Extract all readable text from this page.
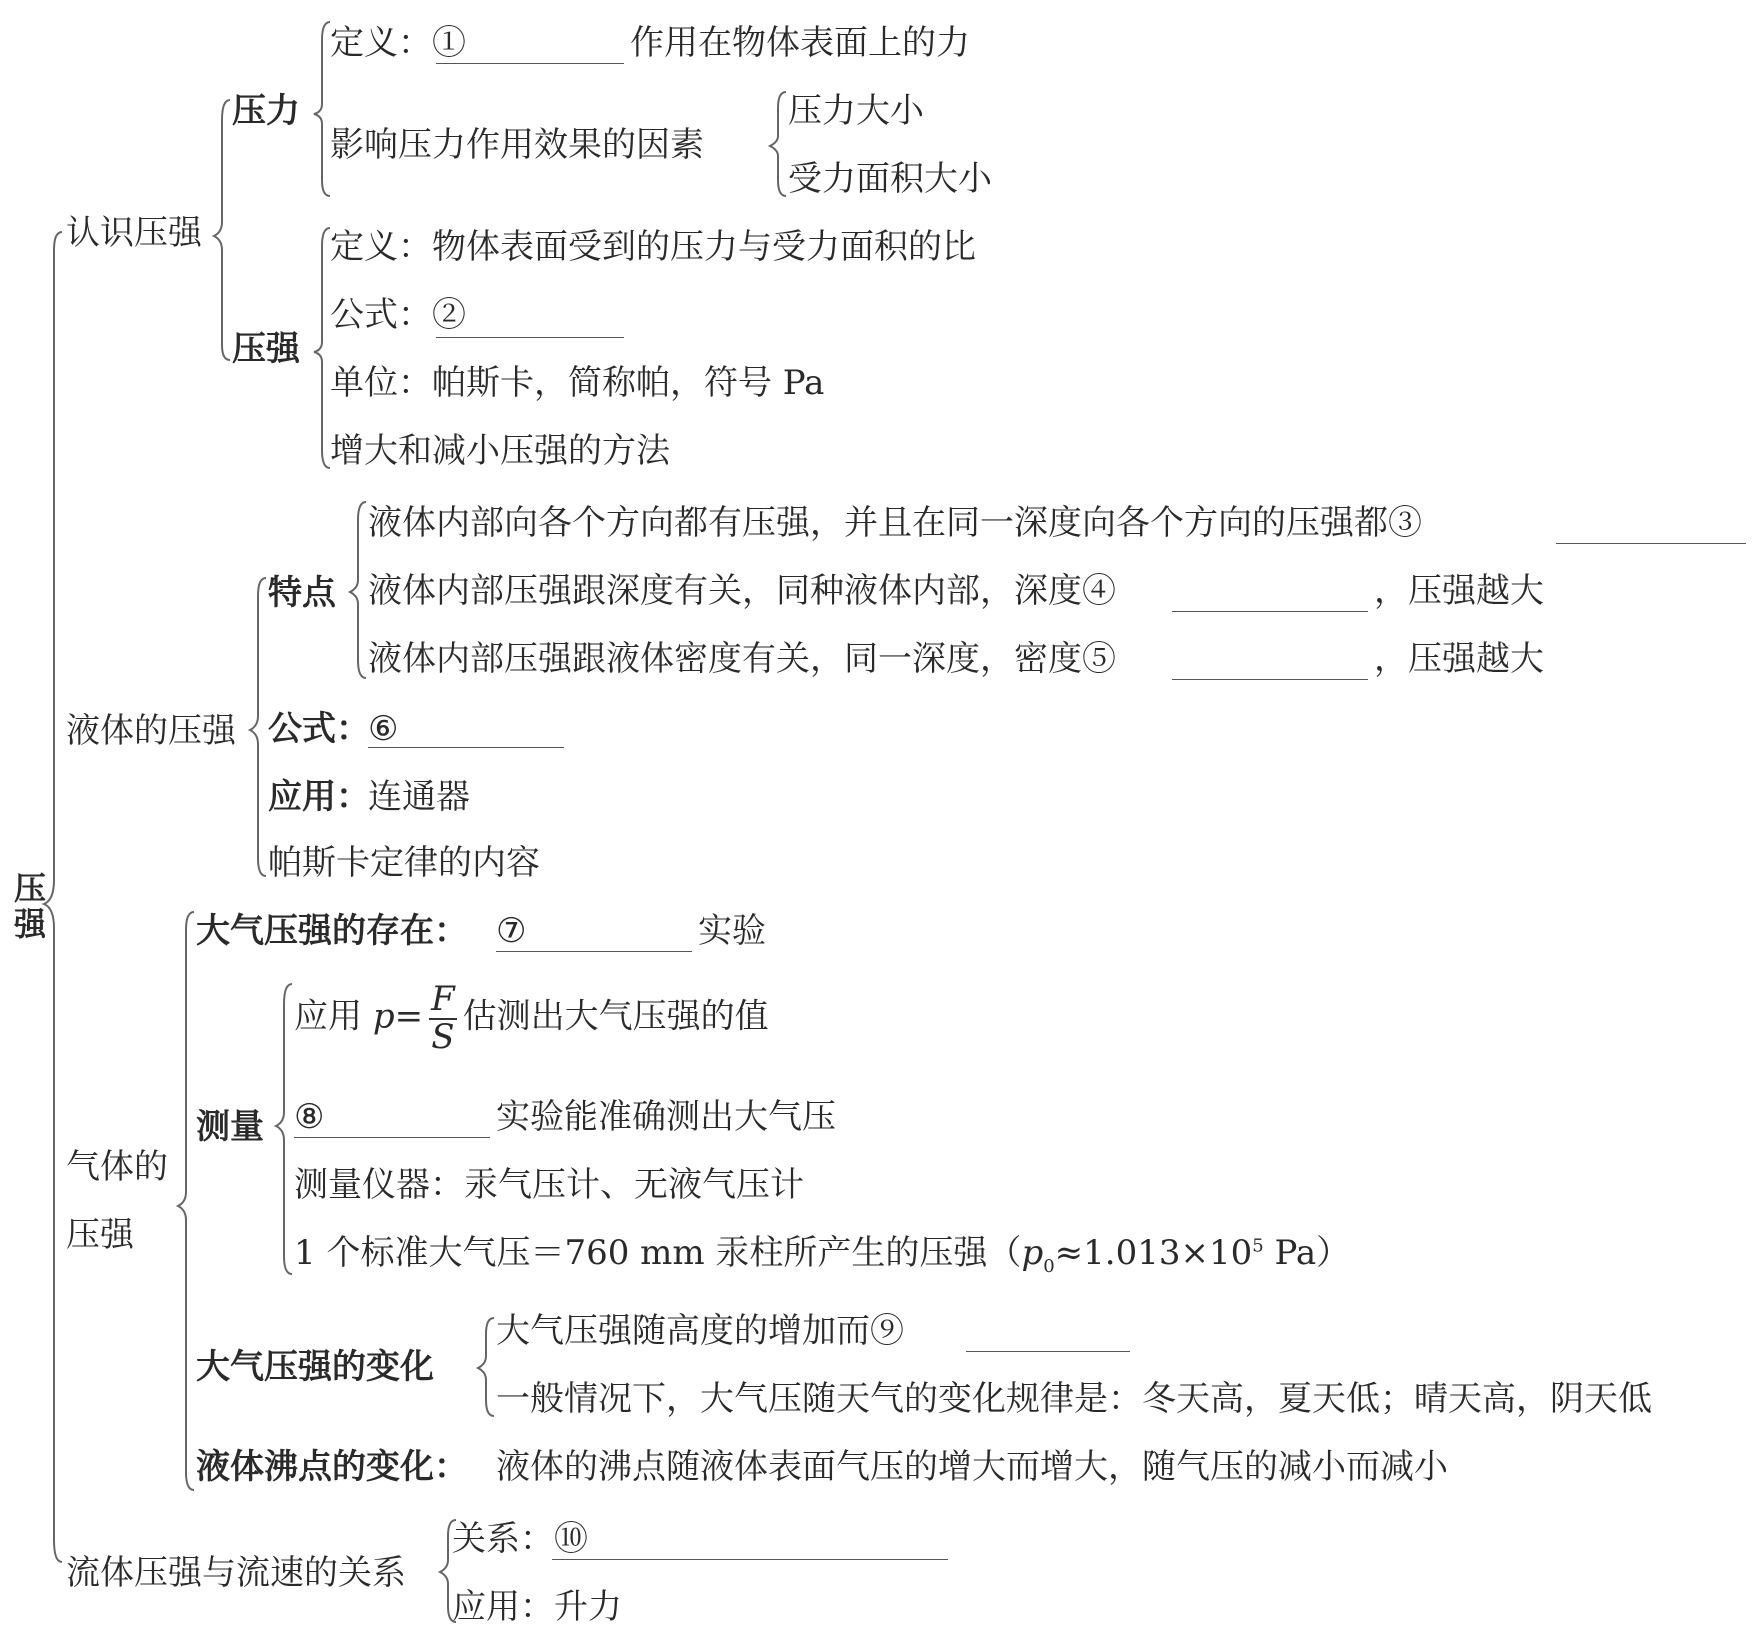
压强
认识压强
压力
定义：①	作用在物体表面上的力
影响压力作用效果的因素
压力大小
受力面积大小
压强
定义：物体表面受到的压力与受力面积的比
公式：②
单位：帕斯卡，简称帕，符号 Pa
增大和减小压强的方法
液体的压强
特点
液体内部向各个方向都有压强，并且在同一深度向各个方向的压强都③
液体内部压强跟深度有关，同种液体内部，深度④	，压强越大
液体内部压强跟液体密度有关，同一深度，密度⑤	，压强越大
公式：
⑥
应用：
连通器
帕斯卡定律的内容
气体的
压强
大气压强的存在： ⑦	实验
测量
应用 $p= \frac{F}{S}$ 估测出大气压强的值
⑧	实验能准确测出大气压
测量仪器：汞气压计、无液气压计
1 个标准大气压＝760 mm 汞柱所产生的压强（$p_0\approx 1.013\times 10^5$ Pa）
大气压强的变化
大气压强随高度的增加而⑨
一般情况下，大气压随天气的变化规律是：冬天高，夏天低；晴天高，阴天低
液体沸点的变化： 液体的沸点随液体表面气压的增大而增大，随气压的减小而减小
流体压强与流速的关系
关系：⑩
应用：升力
